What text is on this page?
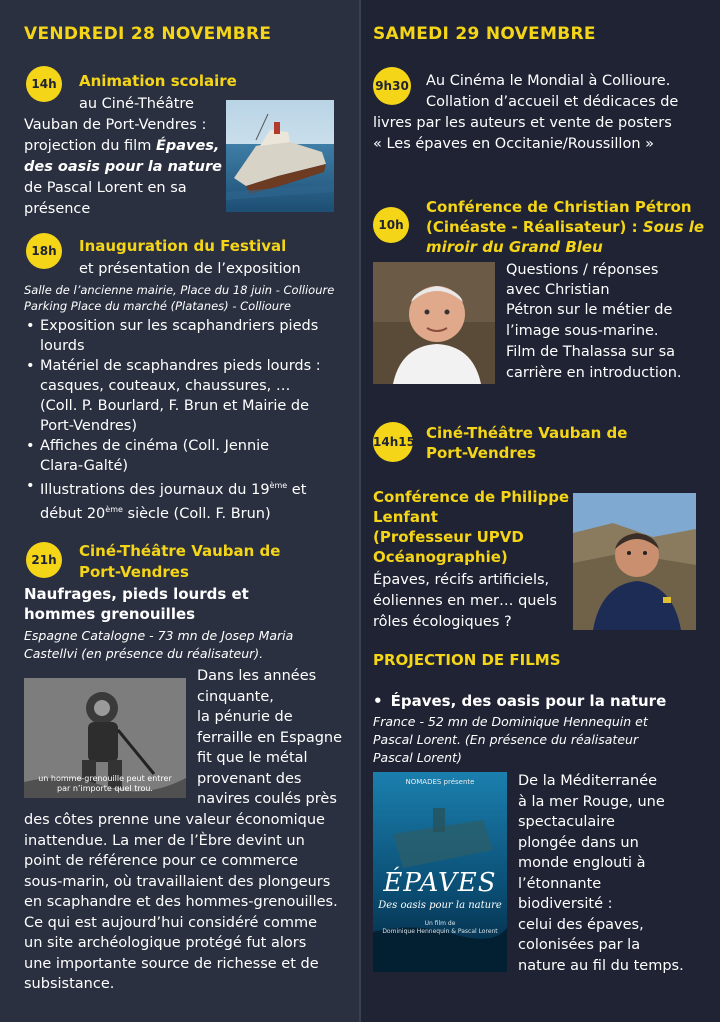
VENDREDI 28 NOVEMBRE
14h	Animation scolaire
au Ciné-Théâtre
Vauban de Port-Vendres :
projection du film Épaves,
des oasis pour la nature
de Pascal Lorent en sa
présence
18h	Inauguration du Festival
et présentation de l’exposition
Salle de l’ancienne mairie, Place du 18 juin - Collioure
Parking Place du marché (Platanes) - Collioure
• Exposition sur les scaphandriers pieds
lourds
• Matériel de scaphandres pieds lourds :
casques, couteaux, chaussures, …
(Coll. P. Bourlard, F. Brun et Mairie de
Port-Vendres)
• Affiches de cinéma (Coll. Jennie
Clara-Galté)
• Illustrations des journaux du 19ème et
début 20ème siècle (Coll. F. Brun)
21h	Ciné-Théâtre Vauban de
Port-Vendres
Naufrages, pieds lourds et
hommes grenouilles
Espagne Catalogne - 73 mn de Josep Maria
Castellvi (en présence du réalisateur).
un homme-grenouille peut entrer
par n’importe quel trou.
Dans les années
cinquante,
la pénurie de
ferraille en Espagne
fit que le métal
provenant des
navires coulés près
des côtes prenne une valeur économique
inattendue. La mer de l’Èbre devint un
point de référence pour ce commerce
sous-marin, où travaillaient des plongeurs
en scaphandre et des hommes-grenouilles.
Ce qui est aujourd’hui considéré comme
un site archéologique protégé fut alors
une importante source de richesse et de
subsistance.
SAMEDI 29 NOVEMBRE
9h30 Au Cinéma le Mondial à Collioure.
Collation d’accueil et dédicaces de
livres par les auteurs et vente de posters
« Les épaves en Occitanie/Roussillon »
10h
Conférence de Christian Pétron
(Cinéaste - Réalisateur) : Sous le
miroir du Grand Bleu
Questions / réponses
avec Christian
Pétron sur le métier de
l’image sous-marine.
Film de Thalassa sur sa
carrière en introduction.
14h15 Ciné-Théâtre Vauban de
Port-Vendres
Conférence de Philippe
Lenfant
(Professeur UPVD
Océanographie)
Épaves, récifs artificiels,
éoliennes en mer… quels
rôles écologiques ?
PROJECTION DE FILMS
• Épaves, des oasis pour la nature
France - 52 mn de Dominique Hennequin et
Pascal Lorent. (En présence du réalisateur
Pascal Lorent)
NOMADES présente
ÉPAVES
Des oasis pour la nature
Un film de
Dominique Hennequin & Pascal Lorent
De la Méditerranée
à la mer Rouge, une
spectaculaire
plongée dans un
monde englouti à
l’étonnante
biodiversité :
celui des épaves,
colonisées par la
nature au fil du temps.
